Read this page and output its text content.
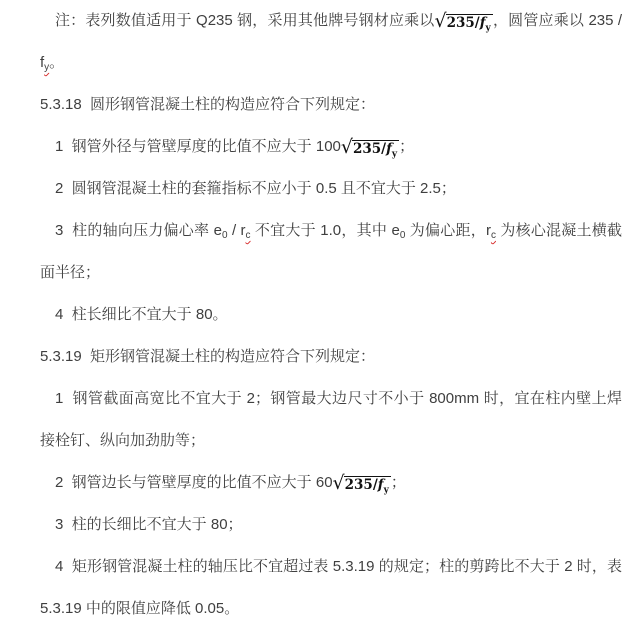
注：表列数值适用于 Q235 钢，采用其他牌号钢材应乘以$√235/f_y$ ，圆管应乘以 $235 / f_y$。

5.3.18  圆形钢管混凝土柱的构造应符合下列规定：

1  钢管外径与管壁厚度的比值不应大于 $100√235/f_y$ ；

2  圆钢管混凝土柱的套箍指标不应小于 0.5 且不宜大于 2.5；

3  柱的轴向压力偏心率 $e_0 / r_c$ 不宜大于 1.0，其中 $e_0$ 为偏心距，$r_c$ 为核心混凝土横截面半径；

4  柱长细比不宜大于 80。

5.3.19  矩形钢管混凝土柱的构造应符合下列规定：

1  钢管截面高宽比不宜大于 2；钢管最大边尺寸不小于 800mm 时，宜在柱内壁上焊接栓钉、纵向加劲肋等；

2  钢管边长与管壁厚度的比值不应大于 $60√235/f_y$ ；

3  柱的长细比不宜大于 80；

4  矩形钢管混凝土柱的轴压比不宜超过表 5.3.19 的规定；柱的剪跨比不大于 2 时，表 5.3.19 中的限值应降低 0.05。
